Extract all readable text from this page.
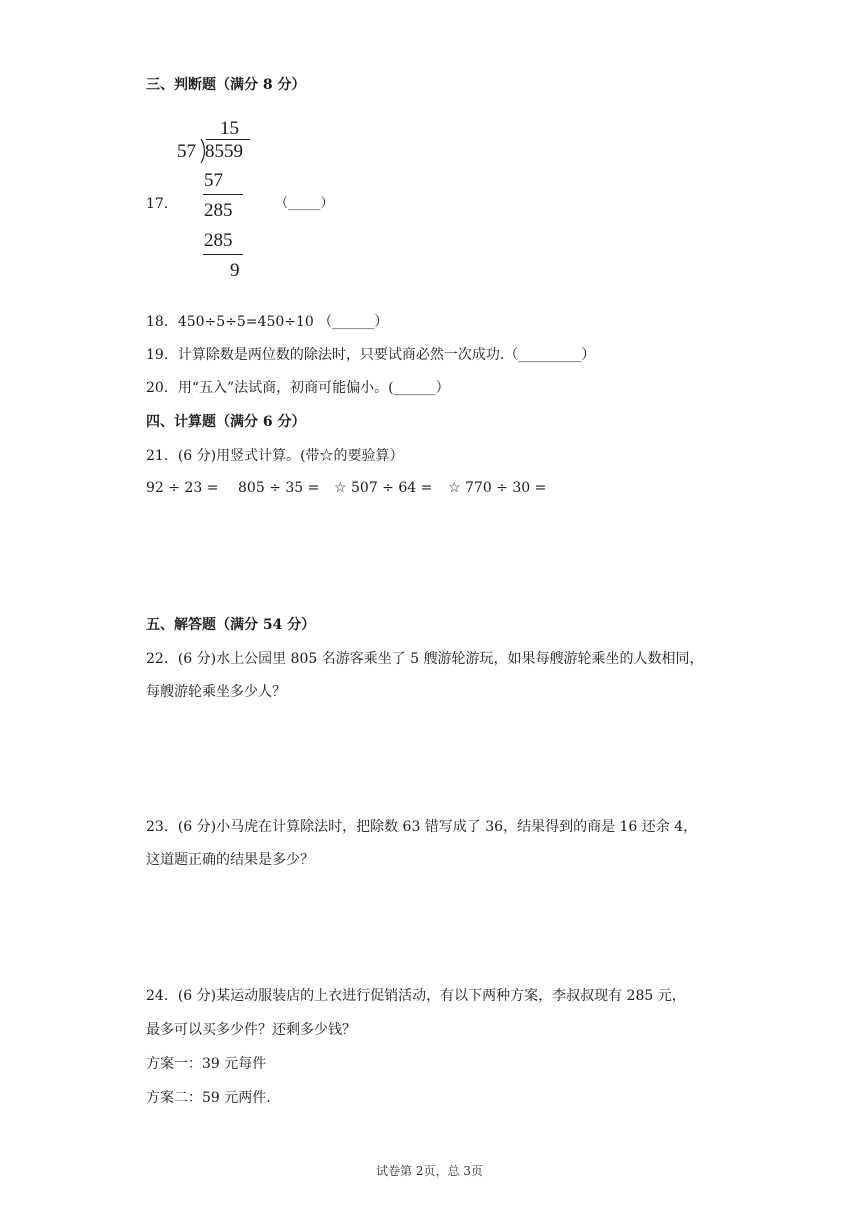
三、判断题（满分 8 分）
17．
15
57 8559
57
285
285
9
（_____）
18．450÷5÷5=450÷10 （______）
19．计算除数是两位数的除法时，只要试商必然一次成功.（_________）
20．用“五入”法试商，初商可能偏小。(______）
四、计算题（满分 6 分）
21．(6 分)用竖式计算。(带☆的要验算）
92 ÷ 23 = 805 ÷ 35 = ☆ 507 ÷ 64 = ☆ 770 ÷ 30 =
五、解答题（满分 54 分）
22．(6 分)水上公园里 805 名游客乘坐了 5 艘游轮游玩，如果每艘游轮乘坐的人数相同，
每艘游轮乘坐多少人？
23．(6 分)小马虎在计算除法时，把除数 63 错写成了 36，结果得到的商是 16 还余 4，
这道题正确的结果是多少？
24．(6 分)某运动服装店的上衣进行促销活动，有以下两种方案，李叔叔现有 285 元，
最多可以买多少件？还剩多少钱？
方案一：39 元每件
方案二：59 元两件.
试卷第 2页，总 3页
